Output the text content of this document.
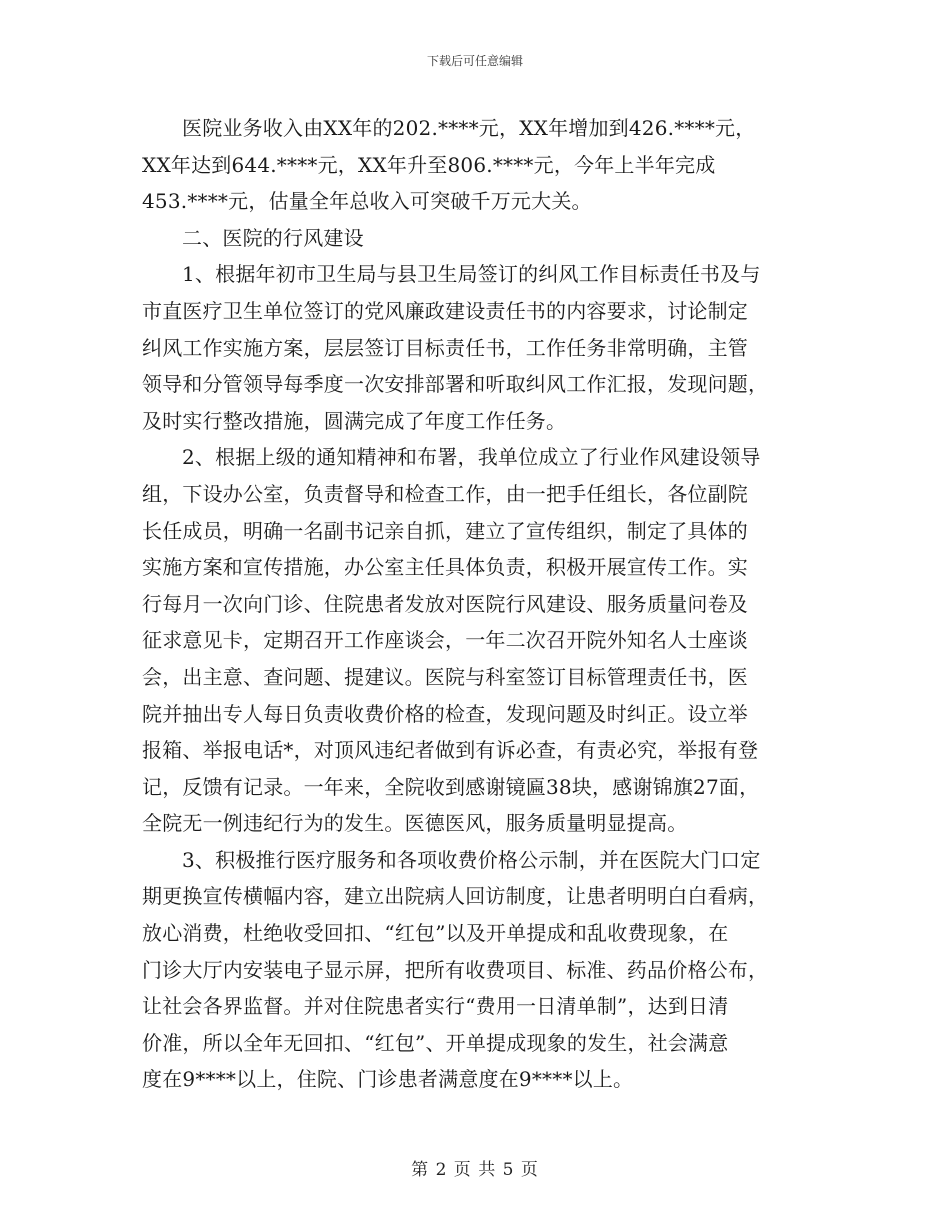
下载后可任意编辑

医院业务收入由XX年的202.****元，XX年增加到426.****元，
XX年达到644.****元，XX年升至806.****元，今年上半年完成
453.****元，估量全年总收入可突破千万元大关。

二、医院的行风建设

1、根据年初市卫生局与县卫生局签订的纠风工作目标责任书及与
市直医疗卫生单位签订的党风廉政建设责任书的内容要求，讨论制定
纠风工作实施方案，层层签订目标责任书，工作任务非常明确，主管
领导和分管领导每季度一次安排部署和听取纠风工作汇报，发现问题，
及时实行整改措施，圆满完成了年度工作任务。

2、根据上级的通知精神和布署，我单位成立了行业作风建设领导
组，下设办公室，负责督导和检查工作，由一把手任组长，各位副院
长任成员，明确一名副书记亲自抓，建立了宣传组织，制定了具体的
实施方案和宣传措施，办公室主任具体负责，积极开展宣传工作。实
行每月一次向门诊、住院患者发放对医院行风建设、服务质量问卷及
征求意见卡，定期召开工作座谈会，一年二次召开院外知名人士座谈
会，出主意、查问题、提建议。医院与科室签订目标管理责任书，医
院并抽出专人每日负责收费价格的检查，发现问题及时纠正。设立举
报箱、举报电话*，对顶风违纪者做到有诉必查，有责必究，举报有登
记，反馈有记录。一年来，全院收到感谢镜匾38块，感谢锦旗27面，
全院无一例违纪行为的发生。医德医风，服务质量明显提高。

3、积极推行医疗服务和各项收费价格公示制，并在医院大门口定
期更换宣传横幅内容，建立出院病人回访制度，让患者明明白白看病，
放心消费，杜绝收受回扣、“红包”以及开单提成和乱收费现象，在
门诊大厅内安装电子显示屏，把所有收费项目、标准、药品价格公布，
让社会各界监督。并对住院患者实行“费用一日清单制”，达到日清
价准，所以全年无回扣、“红包”、开单提成现象的发生，社会满意
度在9****以上，住院、门诊患者满意度在9****以上。

第 2 页 共 5 页
